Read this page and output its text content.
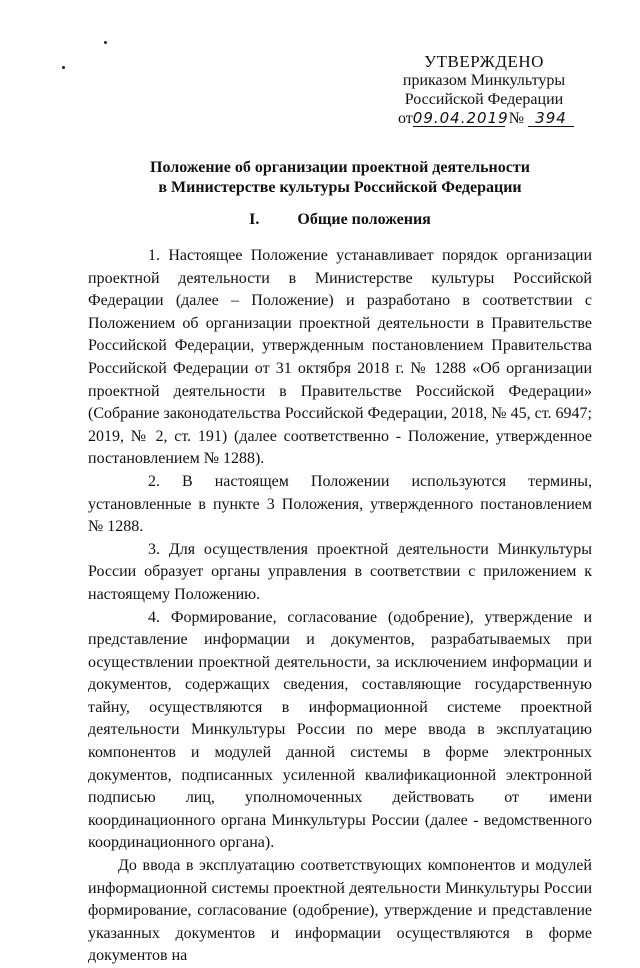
УТВЕРЖДЕНО
приказом Минкультуры
Российской Федерации
от09.04.2019 № 394
Положение об организации проектной деятельности
в Министерстве культуры Российской Федерации
I. Общие положения

1. Настоящее Положение устанавливает порядок организации проектной деятельности в Министерстве культуры Российской Федерации (далее – Положение) и разработано в соответствии с Положением об организации проектной деятельности в Правительстве Российской Федерации, утвержденным постановлением Правительства Российской Федерации от 31 октября 2018 г. № 1288 «Об организации проектной деятельности в Правительстве Российской Федерации» (Собрание законодательства Российской Федерации, 2018, № 45, ст. 6947; 2019, № 2, ст. 191) (далее соответственно - Положение, утвержденное постановлением № 1288).

2. В настоящем Положении используются термины, установленные в пункте 3 Положения, утвержденного постановлением № 1288.

3. Для осуществления проектной деятельности Минкультуры России образует органы управления в соответствии с приложением к настоящему Положению.

4. Формирование, согласование (одобрение), утверждение и представление информации и документов, разрабатываемых при осуществлении проектной деятельности, за исключением информации и документов, содержащих сведения, составляющие государственную тайну, осуществляются в информационной системе проектной деятельности Минкультуры России по мере ввода в эксплуатацию компонентов и модулей данной системы в форме электронных документов, подписанных усиленной квалификационной электронной подписью лиц, уполномоченных действовать от имени координационного органа Минкультуры России (далее - ведомственного координационного органа).

До ввода в эксплуатацию соответствующих компонентов и модулей информационной системы проектной деятельности Минкультуры России формирование, согласование (одобрение), утверждение и представление указанных документов и информации осуществляются в форме документов на
